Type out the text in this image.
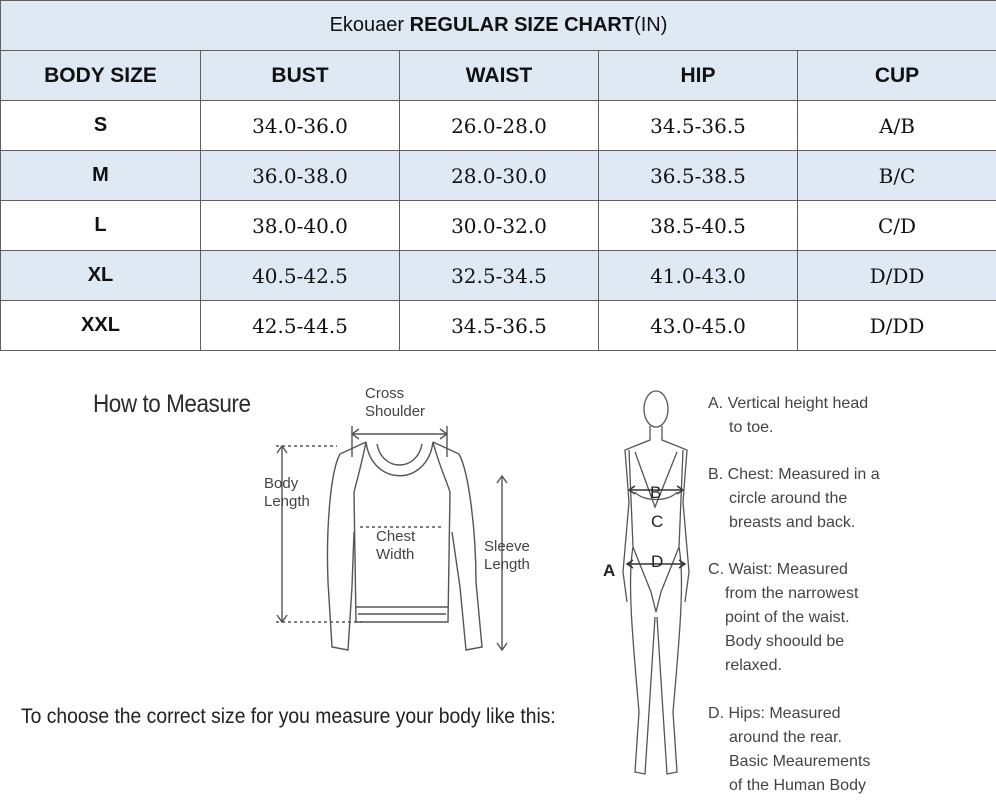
Ekouaer REGULAR SIZE CHART(IN)				
BODY SIZE	BUST	WAIST	HIP	CUP
S	34.0-36.0	26.0-28.0	34.5-36.5	A/B
M	36.0-38.0	28.0-30.0	36.5-38.5	B/C
L	38.0-40.0	30.0-32.0	38.5-40.5	C/D
XL	40.5-42.5	32.5-34.5	41.0-43.0	D/DD
XXL	42.5-44.5	34.5-36.5	43.0-45.0	D/DD
How to Measure	Cross
Shoulder
Body
Length
Chest
Width	Sleeve
Length
To choose the correct size for you measure your body like this:
B
C
D
A
A. Vertical height head
to toe.
B. Chest: Measured in a
circle around the
breasts and back.
C. Waist: Measured
from the narrowest
point of the waist.
Body shoould be
relaxed.
D. Hips: Measured
around the rear.
Basic Meaurements
of the Human Body
